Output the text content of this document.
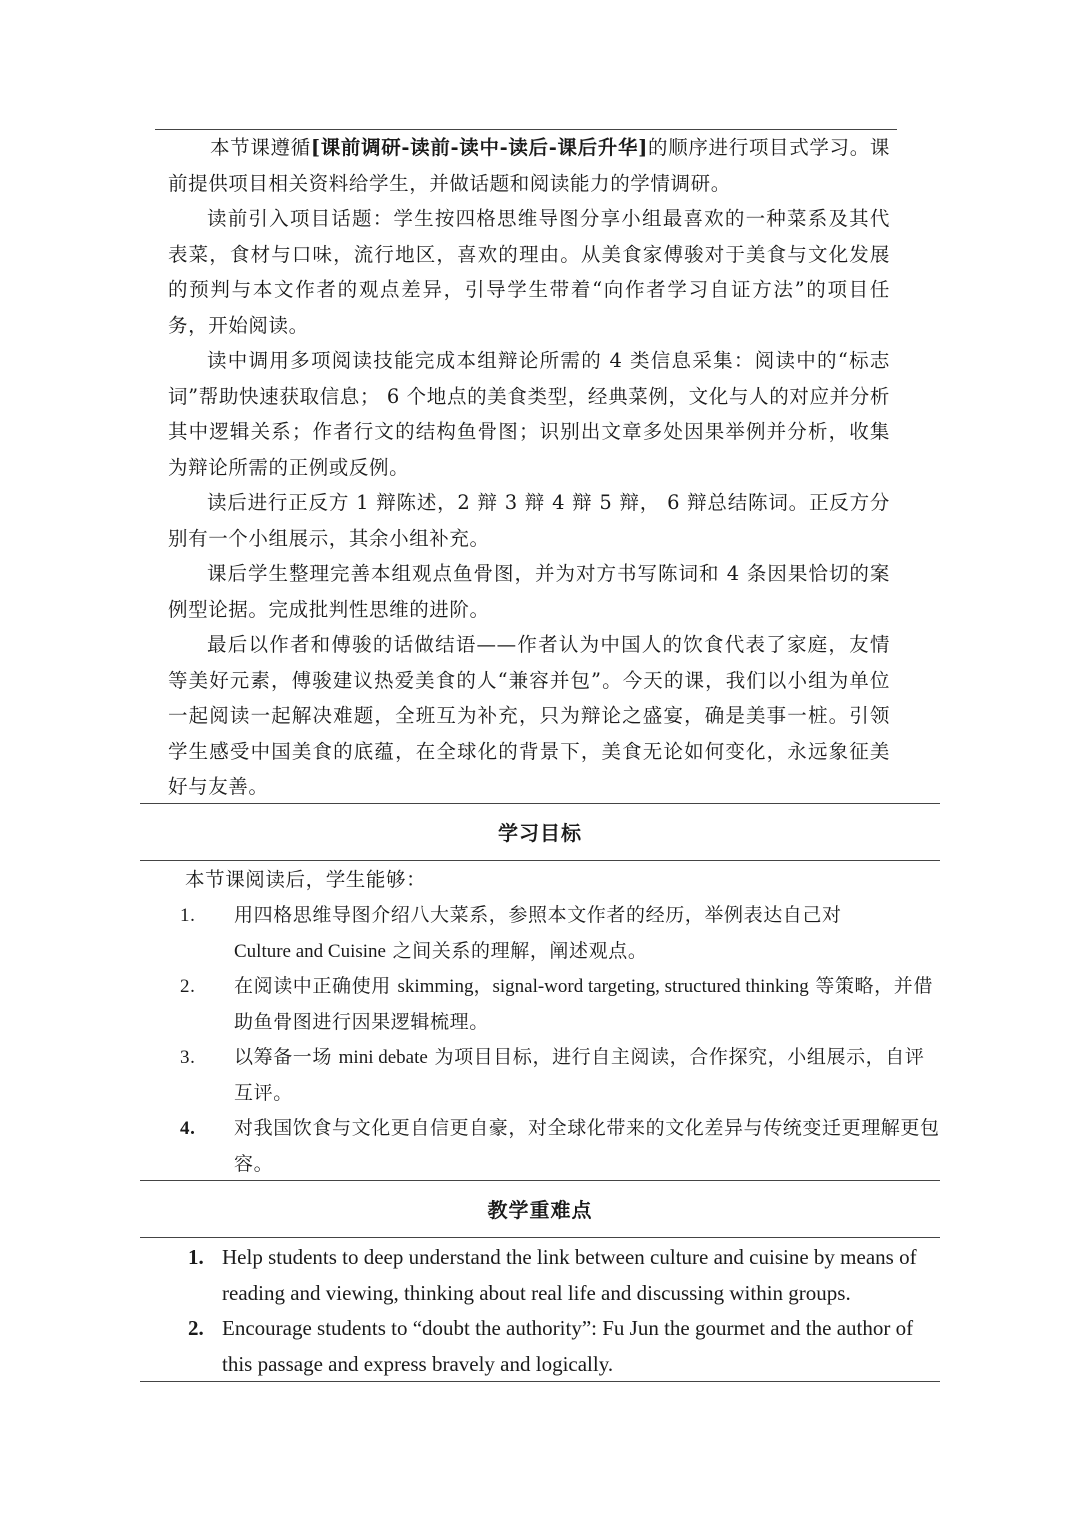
本节课遵循[课前调研-读前-读中-读后-课后升华]的顺序进行项目式学习。课前提供项目相关资料给学生，并做话题和阅读能力的学情调研。

读前引入项目话题：学生按四格思维导图分享小组最喜欢的一种菜系及其代表菜，食材与口味，流行地区，喜欢的理由。从美食家傅骏对于美食与文化发展的预判与本文作者的观点差异，引导学生带着“向作者学习自证方法”的项目任务，开始阅读。

读中调用多项阅读技能完成本组辩论所需的 4 类信息采集：阅读中的“标志词”帮助快速获取信息； 6 个地点的美食类型，经典菜例，文化与人的对应并分析其中逻辑关系；作者行文的结构鱼骨图；识别出文章多处因果举例并分析，收集为辩论所需的正例或反例。

读后进行正反方 1 辩陈述，2 辩 3 辩 4 辩 5 辩， 6 辩总结陈词。正反方分别有一个小组展示，其余小组补充。

课后学生整理完善本组观点鱼骨图，并为对方书写陈词和 4 条因果恰切的案例型论据。完成批判性思维的进阶。

最后以作者和傅骏的话做结语——作者认为中国人的饮食代表了家庭，友情等美好元素，傅骏建议热爱美食的人“兼容并包”。今天的课，我们以小组为单位一起阅读一起解决难题，全班互为补充，只为辩论之盛宴，确是美事一桩。引领学生感受中国美食的底蕴，在全球化的背景下，美食无论如何变化，永远象征美好与友善。

学习目标
本节课阅读后，学生能够：
1. 用四格思维导图介绍八大菜系，参照本文作者的经历，举例表达自己对
Culture and Cuisine 之间关系的理解，阐述观点。
2. 在阅读中正确使用 skimming，signal-word targeting, structured thinking 等策略，并借助鱼骨图进行因果逻辑梳理。
3. 以筹备一场 mini debate 为项目目标，进行自主阅读，合作探究，小组展示，自评互评。
4. 对我国饮食与文化更自信更自豪，对全球化带来的文化差异与传统变迁更理解更包容。
教学重难点
1. Help students to deep understand the link between culture and cuisine by means of reading and viewing, thinking about real life and discussing within groups.
2. Encourage students to “doubt the authority”: Fu Jun the gourmet and the author of this passage and express bravely and logically.
